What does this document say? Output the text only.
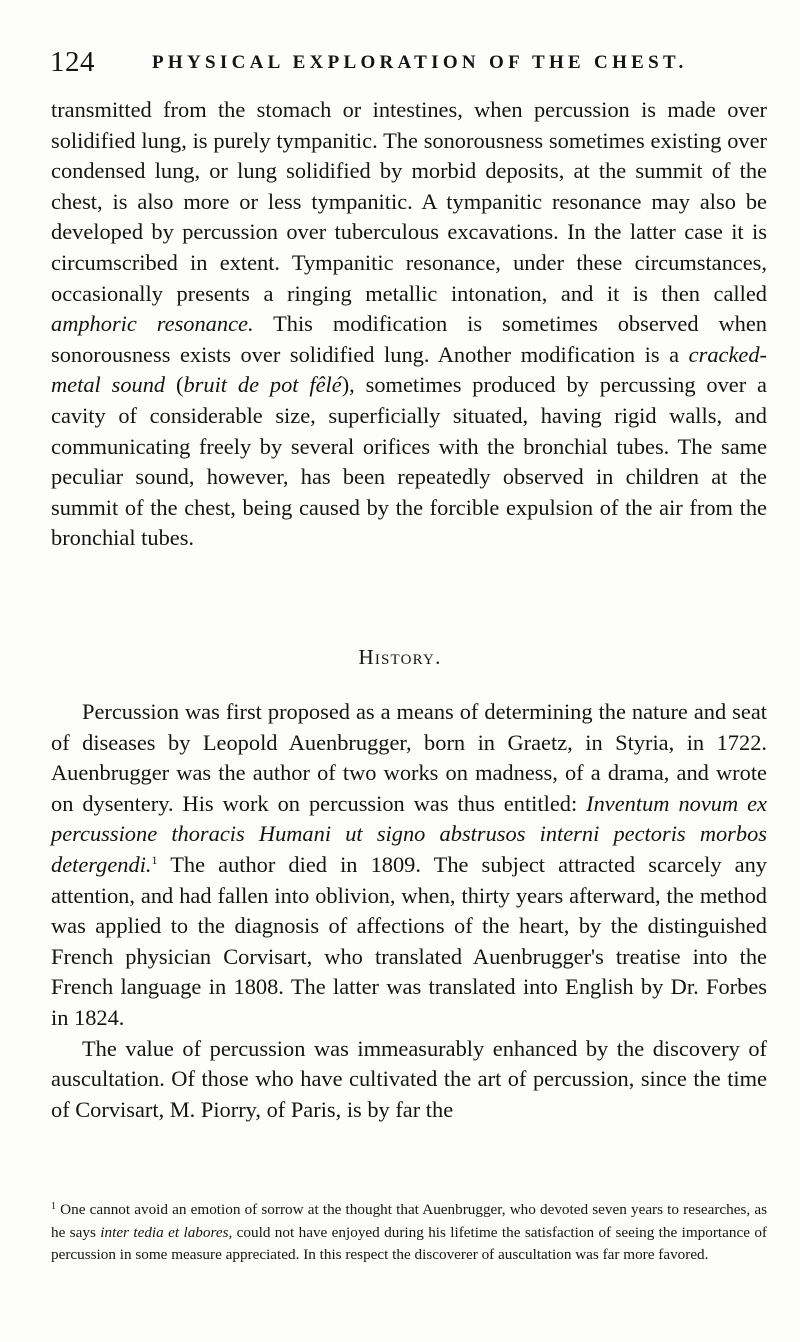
124	PHYSICAL EXPLORATION OF THE CHEST.

transmitted from the stomach or intestines, when percussion is made over solidified lung, is purely tympanitic. The sonorousness sometimes existing over condensed lung, or lung solidified by morbid deposits, at the summit of the chest, is also more or less tympanitic. A tympanitic resonance may also be developed by percussion over tuberculous excavations. In the latter case it is circumscribed in extent. Tympanitic resonance, under these circumstances, occasionally presents a ringing metallic intonation, and it is then called amphoric resonance. This modification is sometimes observed when sonorousness exists over solidified lung. Another modification is a cracked-metal sound (bruit de pot fêlé), sometimes produced by percussing over a cavity of considerable size, superficially situated, having rigid walls, and communicating freely by several orifices with the bronchial tubes. The same peculiar sound, however, has been repeatedly observed in children at the summit of the chest, being caused by the forcible expulsion of the air from the bronchial tubes.

History.

Percussion was first proposed as a means of determining the nature and seat of diseases by Leopold Auenbrugger, born in Graetz, in Styria, in 1722. Auenbrugger was the author of two works on madness, of a drama, and wrote on dysentery. His work on percussion was thus entitled: Inventum novum ex percussione thoracis Humani ut signo abstrusos interni pectoris morbos detergendi.$^1$ The author died in 1809. The subject attracted scarcely any attention, and had fallen into oblivion, when, thirty years afterward, the method was applied to the diagnosis of affections of the heart, by the distinguished French physician Corvisart, who translated Auenbrugger's treatise into the French language in 1808. The latter was translated into English by Dr. Forbes in 1824.

The value of percussion was immeasurably enhanced by the discovery of auscultation. Of those who have cultivated the art of percussion, since the time of Corvisart, M. Piorry, of Paris, is by far the

$^1$ One cannot avoid an emotion of sorrow at the thought that Auenbrugger, who devoted seven years to researches, as he says inter tedia et labores, could not have enjoyed during his lifetime the satisfaction of seeing the importance of percussion in some measure appreciated. In this respect the discoverer of auscultation was far more favored.
